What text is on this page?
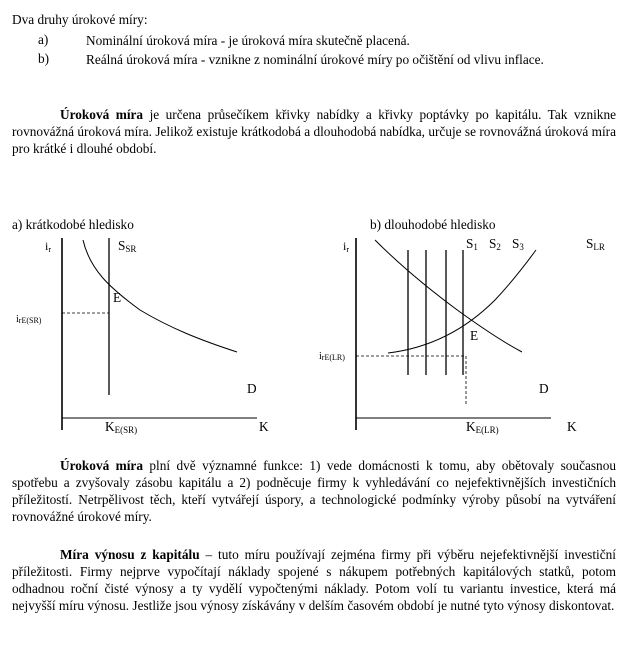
Dva druhy úrokové míry:
a)	Nominální úroková míra - je úroková míra skutečně placená.
b)	Reálná úroková míra - vznikne z nominální úrokové míry po očištění od vlivu inflace.
Úroková míra je určena průsečíkem křivky nabídky a křivky poptávky po kapitálu. Tak vznikne rovnovážná úroková míra. Jelikož existuje krátkodobá a dlouhodobá nabídka, určuje se rovnovážná úroková míra pro krátké i dlouhé období.
a) krátkodobé hledisko
ir	SSR
E
irE(SR)
D
KE(SR)	K
b) dlouhodobé hledisko
ir	S1 S2 S3	SLR
E
irE(LR)
D
KE(LR)	K
Úroková míra plní dvě významné funkce: 1) vede domácnosti k tomu, aby obětovaly současnou spotřebu a zvyšovaly zásobu kapitálu a 2) podněcuje firmy k vyhledávání co nejefektivnějších investičních příležitostí. Netrpělivost těch, kteří vytvářejí úspory, a technologické podmínky výroby působí na vytváření rovnovážné úrokové míry.
Míra výnosu z kapitálu – tuto míru používají zejména firmy při výběru nejefektivnější investiční příležitosti. Firmy nejprve vypočítají náklady spojené s nákupem potřebných kapitálových statků, potom odhadnou roční čisté výnosy a ty vydělí vypočtenými náklady. Potom volí tu variantu investice, která má nejvyšší míru výnosu. Jestliže jsou výnosy získávány v delším časovém období je nutné tyto výnosy diskontovat.
